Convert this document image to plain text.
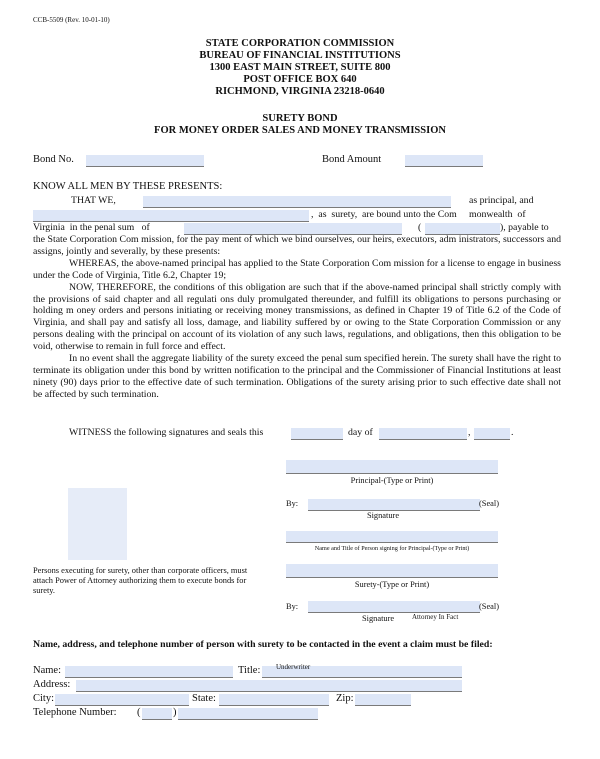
CCB-5509 (Rev. 10-01-10)
STATE CORPORATION COMMISSION
BUREAU OF FINANCIAL INSTITUTIONS
1300 EAST MAIN STREET, SUITE 800
POST OFFICE BOX 640
RICHMOND, VIRGINIA 23218-0640
SURETY BOND
FOR MONEY ORDER SALES AND MONEY TRANSMISSION
Bond No.	Bond Amount
KNOW ALL MEN BY THESE PRESENTS:
THAT WE,	as principal, and
,  as  surety,  are bound unto the Com     monwealth  of
Virginia  in the penal sum   of	(	), payable to

the State Corporation Com mission, for the pay ment of which we bind ourselves, our heirs, executors, adm inistrators, successors and assigns, jointly and severally, by these presents:

WHEREAS, the above-named principal has applied to the State Corporation Com mission for a license to engage in business under the Code of Virginia, Title 6.2, Chapter 19;

NOW, THEREFORE, the conditions of this obligation are such that if the above-named principal shall strictly comply with the provisions of said chapter and all regulati ons duly promulgated thereunder, and fulfill its obligations to persons purchasing or holding m oney orders and persons initiating or receiving money transmissions, as defined in Chapter 19 of Title 6.2 of the Code of Virginia, and shall pay and satisfy all loss, damage, and liability suffered by or owing to the State Corporation Commission or any persons dealing with the principal on account of its violation of any such laws, regulations, and obligations, then this obligation to be void, otherwise to remain in full force and effect.

In no event shall the aggregate liability of the surety exceed the penal sum specified herein. The surety shall have the right to terminate its obligation under this bond by written notification to the principal and the Commissioner of Financial Institutions at least ninety (90) days prior to the effective date of such termination. Obligations of the surety arising prior to such effective date shall not be affected by such termination.

WITNESS the following signatures and seals this	day of	,	.
Principal-(Type or Print)
By:	(Seal)
Signature
Name and Title of Person signing for Principal-(Type or Print)
Persons executing for surety, other than corporate officers, must attach Power of Attorney authorizing them to execute bonds for surety.
Surety-(Type or Print)
By:	(Seal)
Signature	Attorney In Fact
Name, address, and telephone number of person with surety to be contacted in the event a claim must be filed:
Name:	Title: Underwriter
Address:
City:	State:	Zip:
Telephone Number: (	)
